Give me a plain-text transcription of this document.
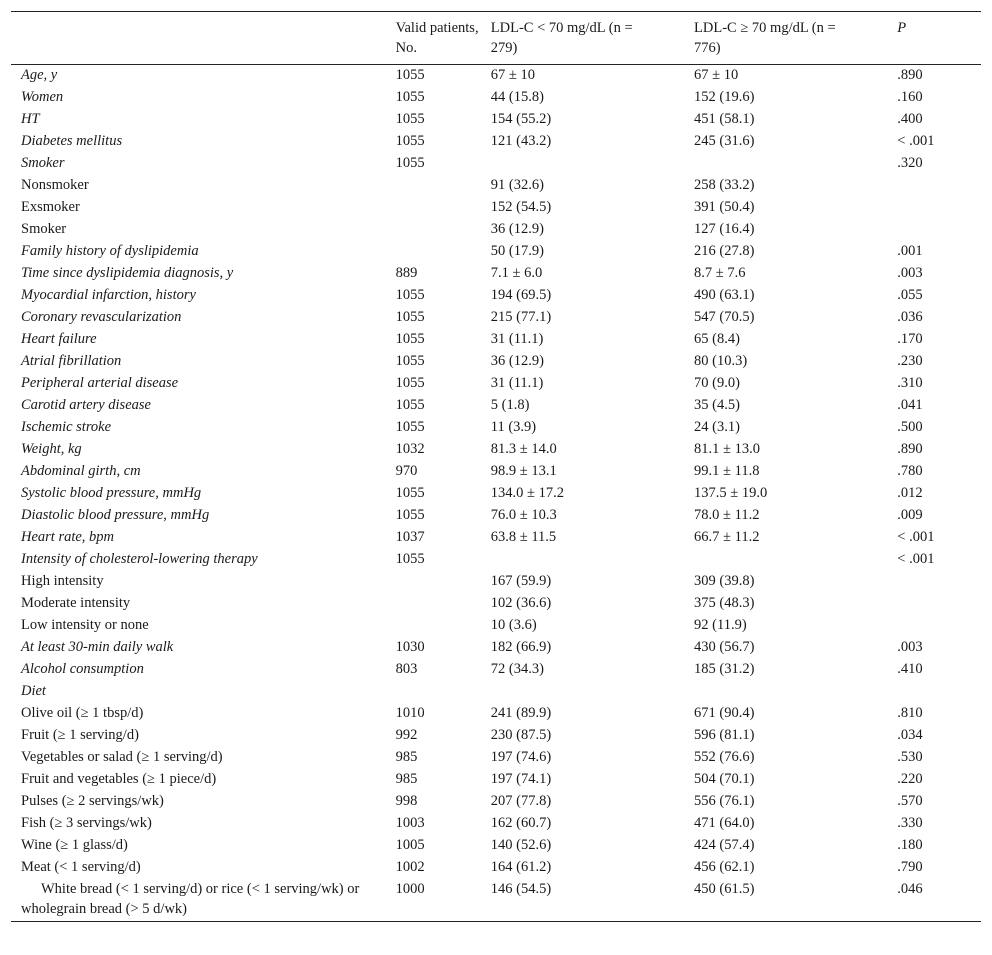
	Valid patients, No.	LDL-C < 70 mg/dL (n = 279)	LDL-C ≥ 70 mg/dL (n = 776)	P
Age, y	1055	67 ± 10	67 ± 10	.890
Women	1055	44 (15.8)	152 (19.6)	.160
HT	1055	154 (55.2)	451 (58.1)	.400
Diabetes mellitus	1055	121 (43.2)	245 (31.6)	< .001
Smoker	1055			.320
Nonsmoker		91 (32.6)	258 (33.2)	
Exsmoker		152 (54.5)	391 (50.4)	
Smoker		36 (12.9)	127 (16.4)	
Family history of dyslipidemia		50 (17.9)	216 (27.8)	.001
Time since dyslipidemia diagnosis, y	889	7.1 ± 6.0	8.7 ± 7.6	.003
Myocardial infarction, history	1055	194 (69.5)	490 (63.1)	.055
Coronary revascularization	1055	215 (77.1)	547 (70.5)	.036
Heart failure	1055	31 (11.1)	65 (8.4)	.170
Atrial fibrillation	1055	36 (12.9)	80 (10.3)	.230
Peripheral arterial disease	1055	31 (11.1)	70 (9.0)	.310
Carotid artery disease	1055	5 (1.8)	35 (4.5)	.041
Ischemic stroke	1055	11 (3.9)	24 (3.1)	.500
Weight, kg	1032	81.3 ± 14.0	81.1 ± 13.0	.890
Abdominal girth, cm	970	98.9 ± 13.1	99.1 ± 11.8	.780
Systolic blood pressure, mmHg	1055	134.0 ± 17.2	137.5 ± 19.0	.012
Diastolic blood pressure, mmHg	1055	76.0 ± 10.3	78.0 ± 11.2	.009
Heart rate, bpm	1037	63.8 ± 11.5	66.7 ± 11.2	< .001
Intensity of cholesterol-lowering therapy	1055			< .001
High intensity		167 (59.9)	309 (39.8)	
Moderate intensity		102 (36.6)	375 (48.3)	
Low intensity or none		10 (3.6)	92 (11.9)	
At least 30-min daily walk	1030	182 (66.9)	430 (56.7)	.003
Alcohol consumption	803	72 (34.3)	185 (31.2)	.410
Diet				
Olive oil (≥ 1 tbsp/d)	1010	241 (89.9)	671 (90.4)	.810
Fruit (≥ 1 serving/d)	992	230 (87.5)	596 (81.1)	.034
Vegetables or salad (≥ 1 serving/d)	985	197 (74.6)	552 (76.6)	.530
Fruit and vegetables (≥ 1 piece/d)	985	197 (74.1)	504 (70.1)	.220
Pulses (≥ 2 servings/wk)	998	207 (77.8)	556 (76.1)	.570
Fish (≥ 3 servings/wk)	1003	162 (60.7)	471 (64.0)	.330
Wine (≥ 1 glass/d)	1005	140 (52.6)	424 (57.4)	.180
Meat (< 1 serving/d)	1002	164 (61.2)	456 (62.1)	.790
White bread (< 1 serving/d) or rice (< 1 serving/wk) or wholegrain bread (> 5 d/wk)	1000	146 (54.5)	450 (61.5)	.046
